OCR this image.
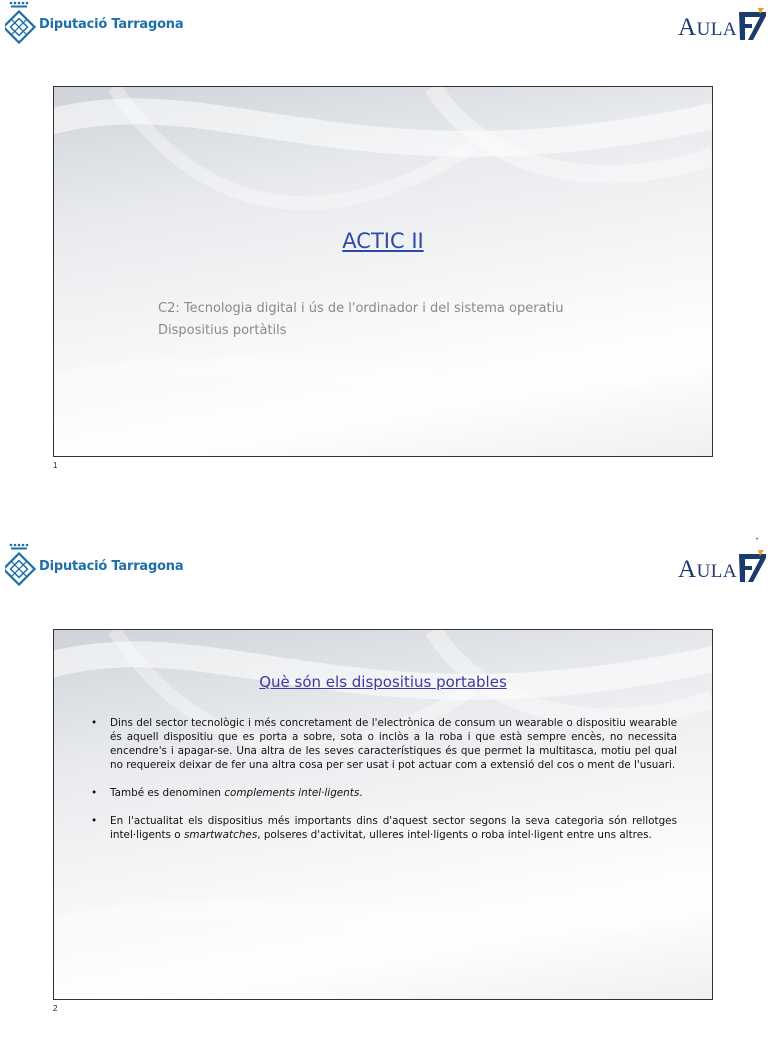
Diputació Tarragona	AULA
ACTIC II
C2: Tecnologia digital i ús de l'ordinador i del sistema operatiu
Dispositius portàtils
1
•
Diputació Tarragona	AULA
Què són els dispositius portables
• Dins del sector tecnològic i més concretament de l'electrònica de consum un wearable o dispositiu wearable és aquell dispositiu que es porta a sobre, sota o inclòs a la roba i que està sempre encès, no necessita encendre's i apagar-se. Una altra de les seves característiques és que permet la multitasca, motiu pel qual no requereix deixar de fer una altra cosa per ser usat i pot actuar com a extensió del cos o ment de l'usuari.
• També es denominen complements intel·ligents.
• En l'actualitat els dispositius més importants dins d'aquest sector segons la seva categoria són rellotges intel·ligents o smartwatches, polseres d'activitat, ulleres intel·ligents o roba intel·ligent entre uns altres.
2
